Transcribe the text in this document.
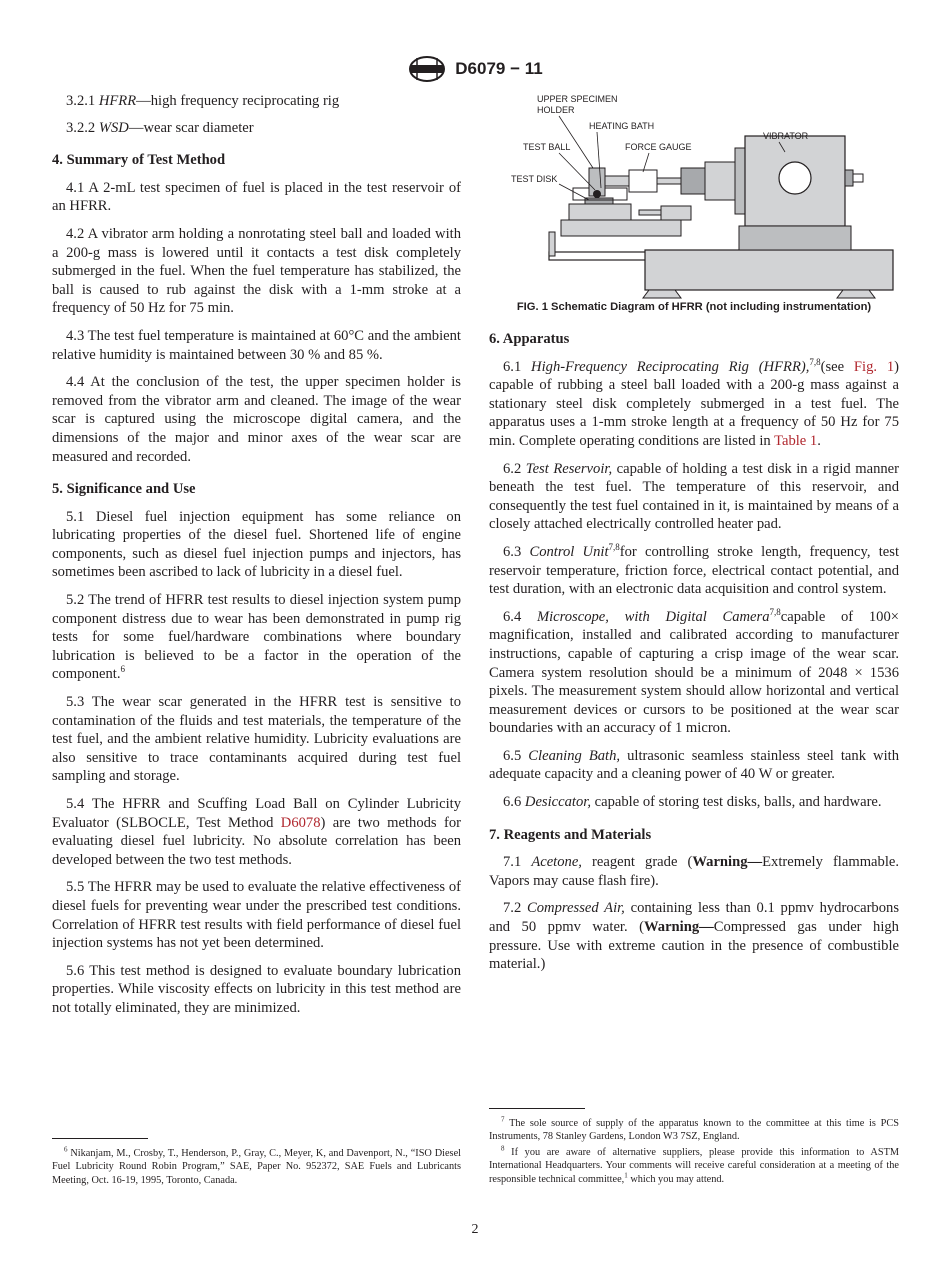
D6079 − 11

3.2.1 HFRR—high frequency reciprocating rig

3.2.2 WSD—wear scar diameter

4. Summary of Test Method

4.1 A 2-mL test specimen of fuel is placed in the test reservoir of an HFRR.

4.2 A vibrator arm holding a nonrotating steel ball and loaded with a 200-g mass is lowered until it contacts a test disk completely submerged in the fuel. When the fuel temperature has stabilized, the ball is caused to rub against the disk with a 1-mm stroke at a frequency of 50 Hz for 75 min.

4.3 The test fuel temperature is maintained at 60°C and the ambient relative humidity is maintained between 30 % and 85 %.

4.4 At the conclusion of the test, the upper specimen holder is removed from the vibrator arm and cleaned. The image of the wear scar is captured using the microscope digital camera, and the dimensions of the major and minor axes of the wear scar are measured and recorded.

5. Significance and Use

5.1 Diesel fuel injection equipment has some reliance on lubricating properties of the diesel fuel. Shortened life of engine components, such as diesel fuel injection pumps and injectors, has sometimes been ascribed to lack of lubricity in a diesel fuel.

5.2 The trend of HFRR test results to diesel injection system pump component distress due to wear has been demonstrated in pump rig tests for some fuel/hardware combinations where boundary lubrication is believed to be a factor in the operation of the component.$^6$

5.3 The wear scar generated in the HFRR test is sensitive to contamination of the fluids and test materials, the temperature of the test fuel, and the ambient relative humidity. Lubricity evaluations are also sensitive to trace contaminants acquired during test fuel sampling and storage.

5.4 The HFRR and Scuffing Load Ball on Cylinder Lubricity Evaluator (SLBOCLE, Test Method D6078) are two methods for evaluating diesel fuel lubricity. No absolute correlation has been developed between the two test methods.

5.5 The HFRR may be used to evaluate the relative effectiveness of diesel fuels for preventing wear under the prescribed test conditions. Correlation of HFRR test results with field performance of diesel fuel injection systems has not yet been determined.

5.6 This test method is designed to evaluate boundary lubrication properties. While viscosity effects on lubricity in this test method are not totally eliminated, they are minimized.

$^6$ Nikanjam, M., Crosby, T., Henderson, P., Gray, C., Meyer, K, and Davenport, N., “ISO Diesel Fuel Lubricity Round Robin Program,” SAE, Paper No. 952372, SAE Fuels and Lubricants Meeting, Oct. 16-19, 1995, Toronto, Canada.

UPPER SPECIMEN
HOLDER
HEATING BATH
VIBRATOR
TEST BALL	FORCE GAUGE
TEST DISK
FIG. 1 Schematic Diagram of HFRR (not including instrumentation)
6. Apparatus

6.1 High-Frequency Reciprocating Rig (HFRR),$^{7,8}$(see Fig. 1) capable of rubbing a steel ball loaded with a 200-g mass against a stationary steel disk completely submerged in a test fuel. The apparatus uses a 1-mm stroke length at a frequency of 50 Hz for 75 min. Complete operating conditions are listed in Table 1.

6.2 Test Reservoir, capable of holding a test disk in a rigid manner beneath the test fuel. The temperature of this reservoir, and consequently the test fuel contained in it, is maintained by means of a closely attached electrically controlled heater pad.

6.3 Control Unit$^{7,8}$for controlling stroke length, frequency, test reservoir temperature, friction force, electrical contact potential, and test duration, with an electronic data acquisition and control system.

6.4 Microscope, with Digital Camera$^{7,8}$capable of 100× magnification, installed and calibrated according to manufacturer instructions, capable of capturing a crisp image of the wear scar. Camera system resolution should be a minimum of 2048 × 1536 pixels. The measurement system should allow horizontal and vertical measurement devices or cursors to be positioned at the wear scar boundaries with an accuracy of 1 micron.

6.5 Cleaning Bath, ultrasonic seamless stainless steel tank with adequate capacity and a cleaning power of 40 W or greater.

6.6 Desiccator, capable of storing test disks, balls, and hardware.

7. Reagents and Materials

7.1 Acetone, reagent grade (Warning—Extremely flammable. Vapors may cause flash fire).

7.2 Compressed Air, containing less than 0.1 ppmv hydrocarbons and 50 ppmv water. (Warning—Compressed gas under high pressure. Use with extreme caution in the presence of combustible material.)

$^7$ The sole source of supply of the apparatus known to the committee at this time is PCS Instruments, 78 Stanley Gardens, London W3 7SZ, England.

$^8$ If you are aware of alternative suppliers, please provide this information to ASTM International Headquarters. Your comments will receive careful consideration at a meeting of the responsible technical committee,$^1$ which you may attend.

2
